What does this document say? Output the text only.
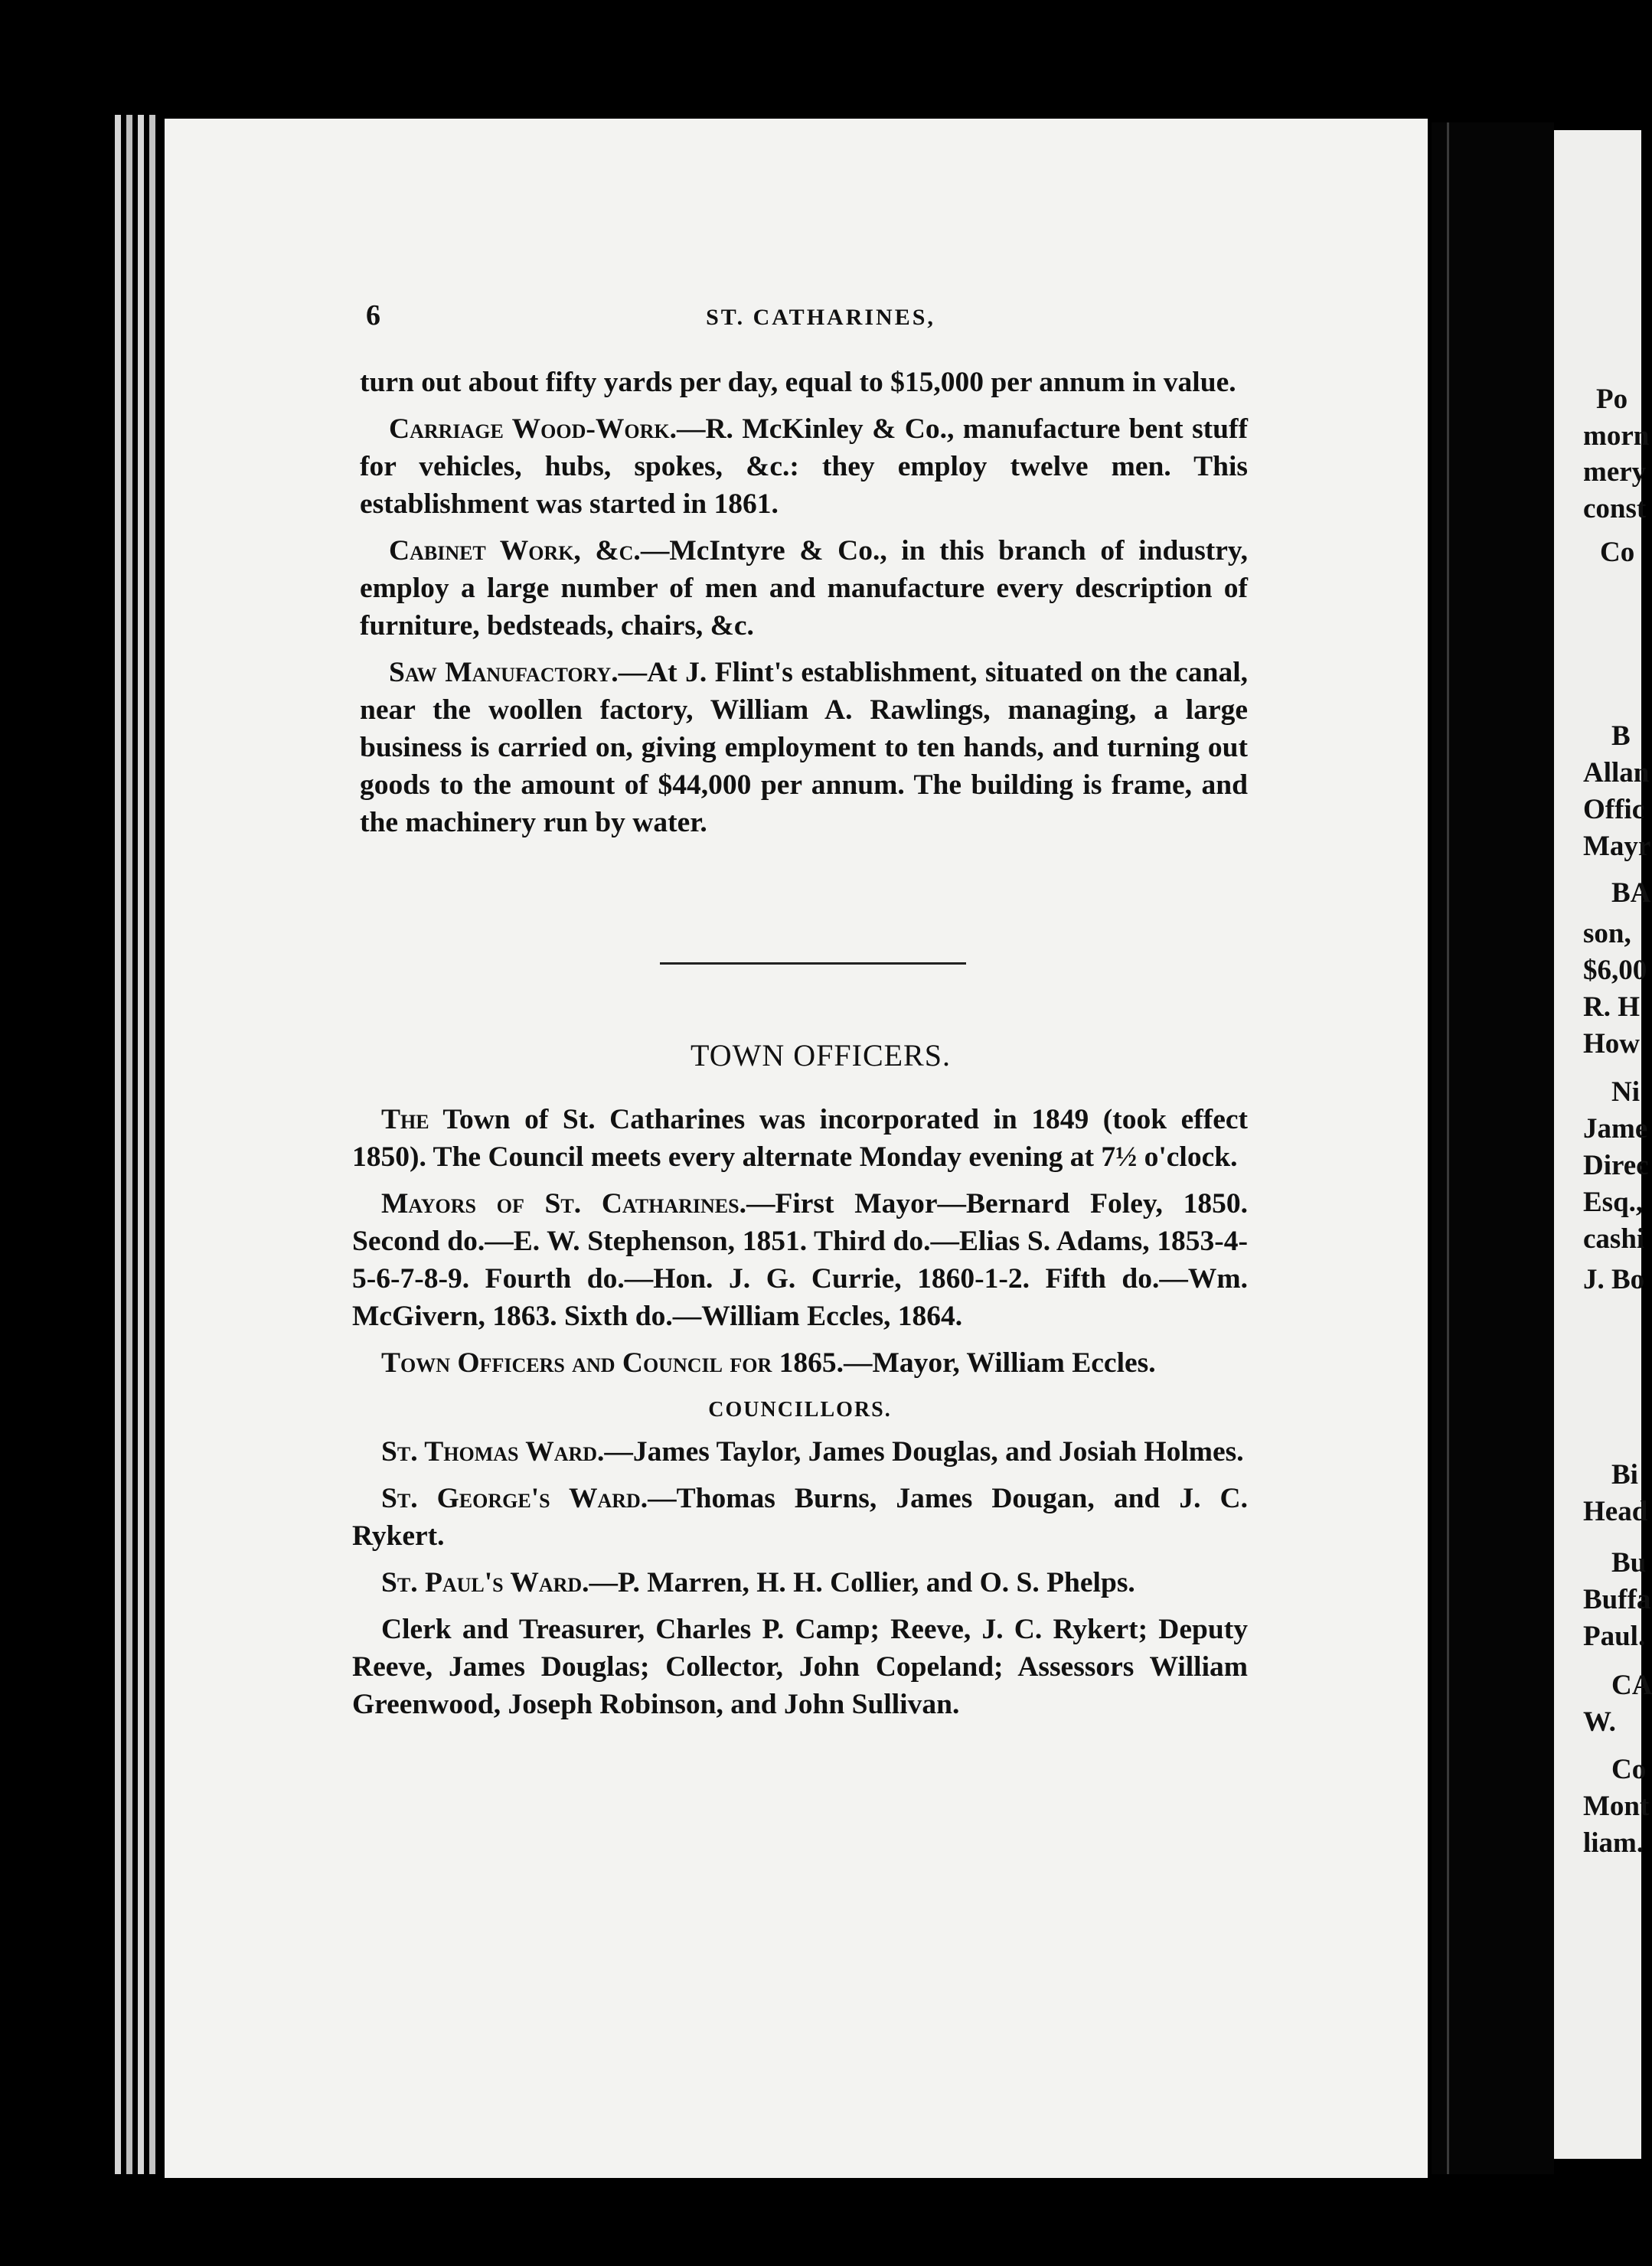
Po
morn
mery
const
Co
B
Allan
Offic
Mayr
BA
son,
$6,00
R. H
How
Ni
Jame
Direc
Esq.,
cashi
J. Bo
Bi
Head
Bu
Buffa
Paul.
CA
W.
Co
Mont
liam.
6	ST. CATHARINES,

turn out about fifty yards per day, equal to $15,000 per annum in value.

Carriage Wood-Work.—R. McKinley & Co., manufacture bent stuff for vehicles, hubs, spokes, &c.: they employ twelve men. This establishment was started in 1861.

Cabinet Work, &c.—McIntyre & Co., in this branch of industry, employ a large number of men and manufacture every description of furniture, bedsteads, chairs, &c.

Saw Manufactory.—At J. Flint's establishment, situated on the canal, near the woollen factory, William A. Rawlings, managing, a large business is carried on, giving employment to ten hands, and turning out goods to the amount of $44,000 per annum. The building is frame, and the machinery run by water.

TOWN OFFICERS.

The Town of St. Catharines was incorporated in 1849 (took effect 1850). The Council meets every alternate Monday evening at 7½ o'clock.

Mayors of St. Catharines.—First Mayor—Bernard Foley, 1850. Second do.—E. W. Stephenson, 1851. Third do.—Elias S. Adams, 1853-4-5-6-7-8-9. Fourth do.—Hon. J. G. Currie, 1860-1-2. Fifth do.—Wm. McGivern, 1863. Sixth do.—William Eccles, 1864.

Town Officers and Council for 1865.—Mayor, William Eccles.

COUNCILLORS.

St. Thomas Ward.—James Taylor, James Douglas, and Josiah Holmes.

St. George's Ward.—Thomas Burns, James Dougan, and J. C. Rykert.

St. Paul's Ward.—P. Marren, H. H. Collier, and O. S. Phelps.

Clerk and Treasurer, Charles P. Camp; Reeve, J. C. Rykert; Deputy Reeve, James Douglas; Collector, John Copeland; Assessors William Greenwood, Joseph Robinson, and John Sullivan.
